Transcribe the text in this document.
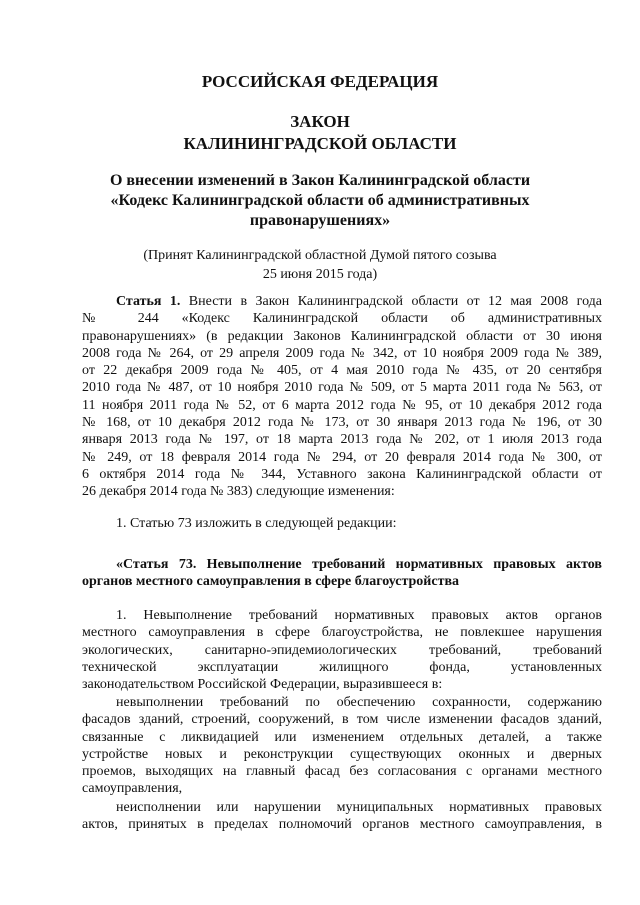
РОССИЙСКАЯ ФЕДЕРАЦИЯ
ЗАКОН
КАЛИНИНГРАДСКОЙ ОБЛАСТИ
О внесении изменений в Закон Калининградской области
«Кодекс Калининградской области об административных
правонарушениях»
(Принят Калининградской областной Думой пятого созыва
25 июня 2015 года)
Статья 1. Внести в Закон Калининградской области от 12 мая 2008 года
№ 244 «Кодекс Калининградской области об административных
правонарушениях» (в редакции Законов Калининградской области от 30 июня
2008 года № 264, от 29 апреля 2009 года № 342, от 10 ноября 2009 года № 389,
от 22 декабря 2009 года № 405, от 4 мая 2010 года № 435, от 20 сентября
2010 года № 487, от 10 ноября 2010 года № 509, от 5 марта 2011 года № 563, от
11 ноября 2011 года № 52, от 6 марта 2012 года № 95, от 10 декабря 2012 года
№ 168, от 10 декабря 2012 года № 173, от 30 января 2013 года № 196, от 30
января 2013 года № 197, от 18 марта 2013 года № 202, от 1 июля 2013 года
№ 249, от 18 февраля 2014 года № 294, от 20 февраля 2014 года № 300, от
6 октября 2014 года № 344, Уставного закона Калининградской области от
26 декабря 2014 года № 383) следующие изменения:
1. Статью 73 изложить в следующей редакции:
«Статья 73. Невыполнение требований нормативных правовых актов
органов местного самоуправления в сфере благоустройства
1. Невыполнение требований нормативных правовых актов органов
местного самоуправления в сфере благоустройства, не повлекшее нарушения
экологических, санитарно-эпидемиологических требований, требований
технической эксплуатации жилищного фонда, установленных
законодательством Российской Федерации, выразившееся в:
невыполнении требований по обеспечению сохранности, содержанию
фасадов зданий, строений, сооружений, в том числе изменении фасадов зданий,
связанные с ликвидацией или изменением отдельных деталей, а также
устройстве новых и реконструкции существующих оконных и дверных
проемов, выходящих на главный фасад без согласования с органами местного
самоуправления,
неисполнении или нарушении муниципальных нормативных правовых
актов, принятых в пределах полномочий органов местного самоуправления, в
